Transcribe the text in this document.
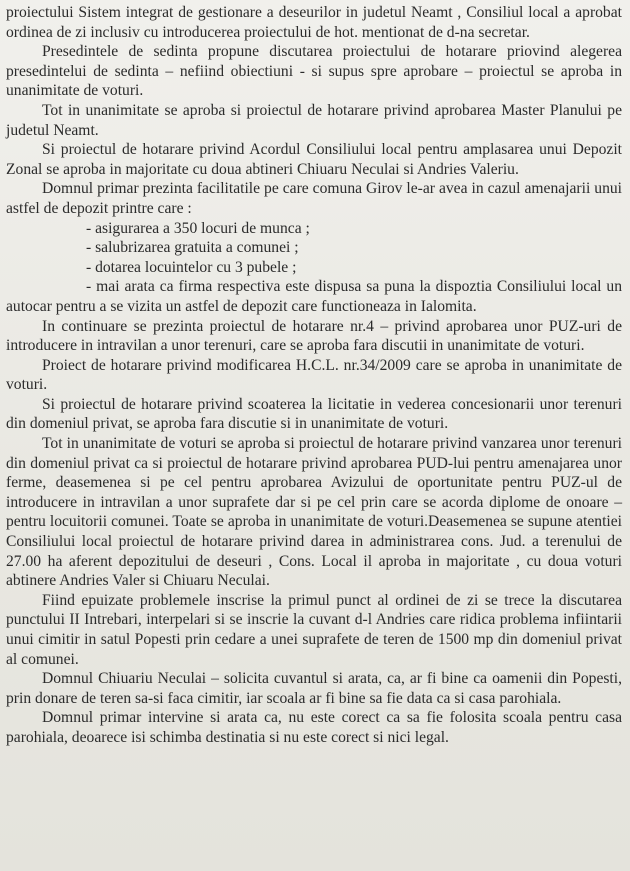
proiectului Sistem integrat de gestionare a deseurilor in judetul Neamt , Consiliul local a aprobat ordinea de zi inclusiv cu introducerea proiectului de hot. mentionat de d-na secretar.

Presedintele de sedinta propune discutarea proiectului de hotarare priovind alegerea presedintelui de sedinta – nefiind obiectiuni - si supus spre aprobare – proiectul se aproba in unanimitate de voturi.

Tot in unanimitate se aproba si proiectul de hotarare privind aprobarea Master Planului pe judetul Neamt.

Si proiectul de hotarare privind Acordul Consiliului local pentru amplasarea unui Depozit Zonal se aproba in majoritate cu doua abtineri Chiuaru Neculai si Andries Valeriu.

Domnul primar prezinta facilitatile pe care comuna Girov le-ar avea in cazul amenajarii unui astfel de depozit printre care :

- asigurarea a 350 locuri de munca ;
- salubrizarea gratuita a comunei ;
- dotarea locuintelor cu 3 pubele ;

- mai arata ca firma respectiva este dispusa sa puna la dispoztia Consiliului local un autocar pentru a se vizita un astfel de depozit care functioneaza in Ialomita.

In continuare se prezinta proiectul de hotarare nr.4 – privind aprobarea unor PUZ-uri de introducere in intravilan a unor terenuri, care se aproba fara discutii in unanimitate de voturi.

Proiect de hotarare privind modificarea H.C.L. nr.34/2009 care se aproba in unanimitate de voturi.

Si proiectul de hotarare privind scoaterea la licitatie in vederea concesionarii unor terenuri din domeniul privat, se aproba fara discutie si in unanimitate de voturi.

Tot in unanimitate de voturi se aproba si proiectul de hotarare privind vanzarea unor terenuri din domeniul privat ca si proiectul de hotarare privind aprobarea PUD-lui pentru amenajarea unor ferme, deasemenea si pe cel pentru aprobarea Avizului de oportunitate pentru PUZ-ul de introducere in intravilan a unor suprafete dar si pe cel prin care se acorda diplome de onoare – pentru locuitorii comunei. Toate se aproba in unanimitate de voturi.Deasemenea se supune atentiei Consiliului local proiectul de hotarare privind darea in administrarea cons. Jud. a terenului de 27.00 ha aferent depozitului de deseuri , Cons. Local il aproba in majoritate , cu doua voturi abtinere Andries Valer si Chiuaru Neculai.

Fiind epuizate problemele inscrise la primul punct al ordinei de zi se trece la discutarea punctului II Intrebari, interpelari si se inscrie la cuvant d-l Andries care ridica problema infiintarii unui cimitir in satul Popesti prin cedare a unei suprafete de teren de 1500 mp din domeniul privat al comunei.

Domnul Chiuariu Neculai – solicita cuvantul si arata, ca, ar fi bine ca oamenii din Popesti, prin donare de teren sa-si faca cimitir, iar scoala ar fi bine sa fie data ca si casa parohiala.

Domnul primar intervine si arata ca, nu este corect ca sa fie folosita scoala pentru casa parohiala, deoarece isi schimba destinatia si nu este corect si nici legal.
